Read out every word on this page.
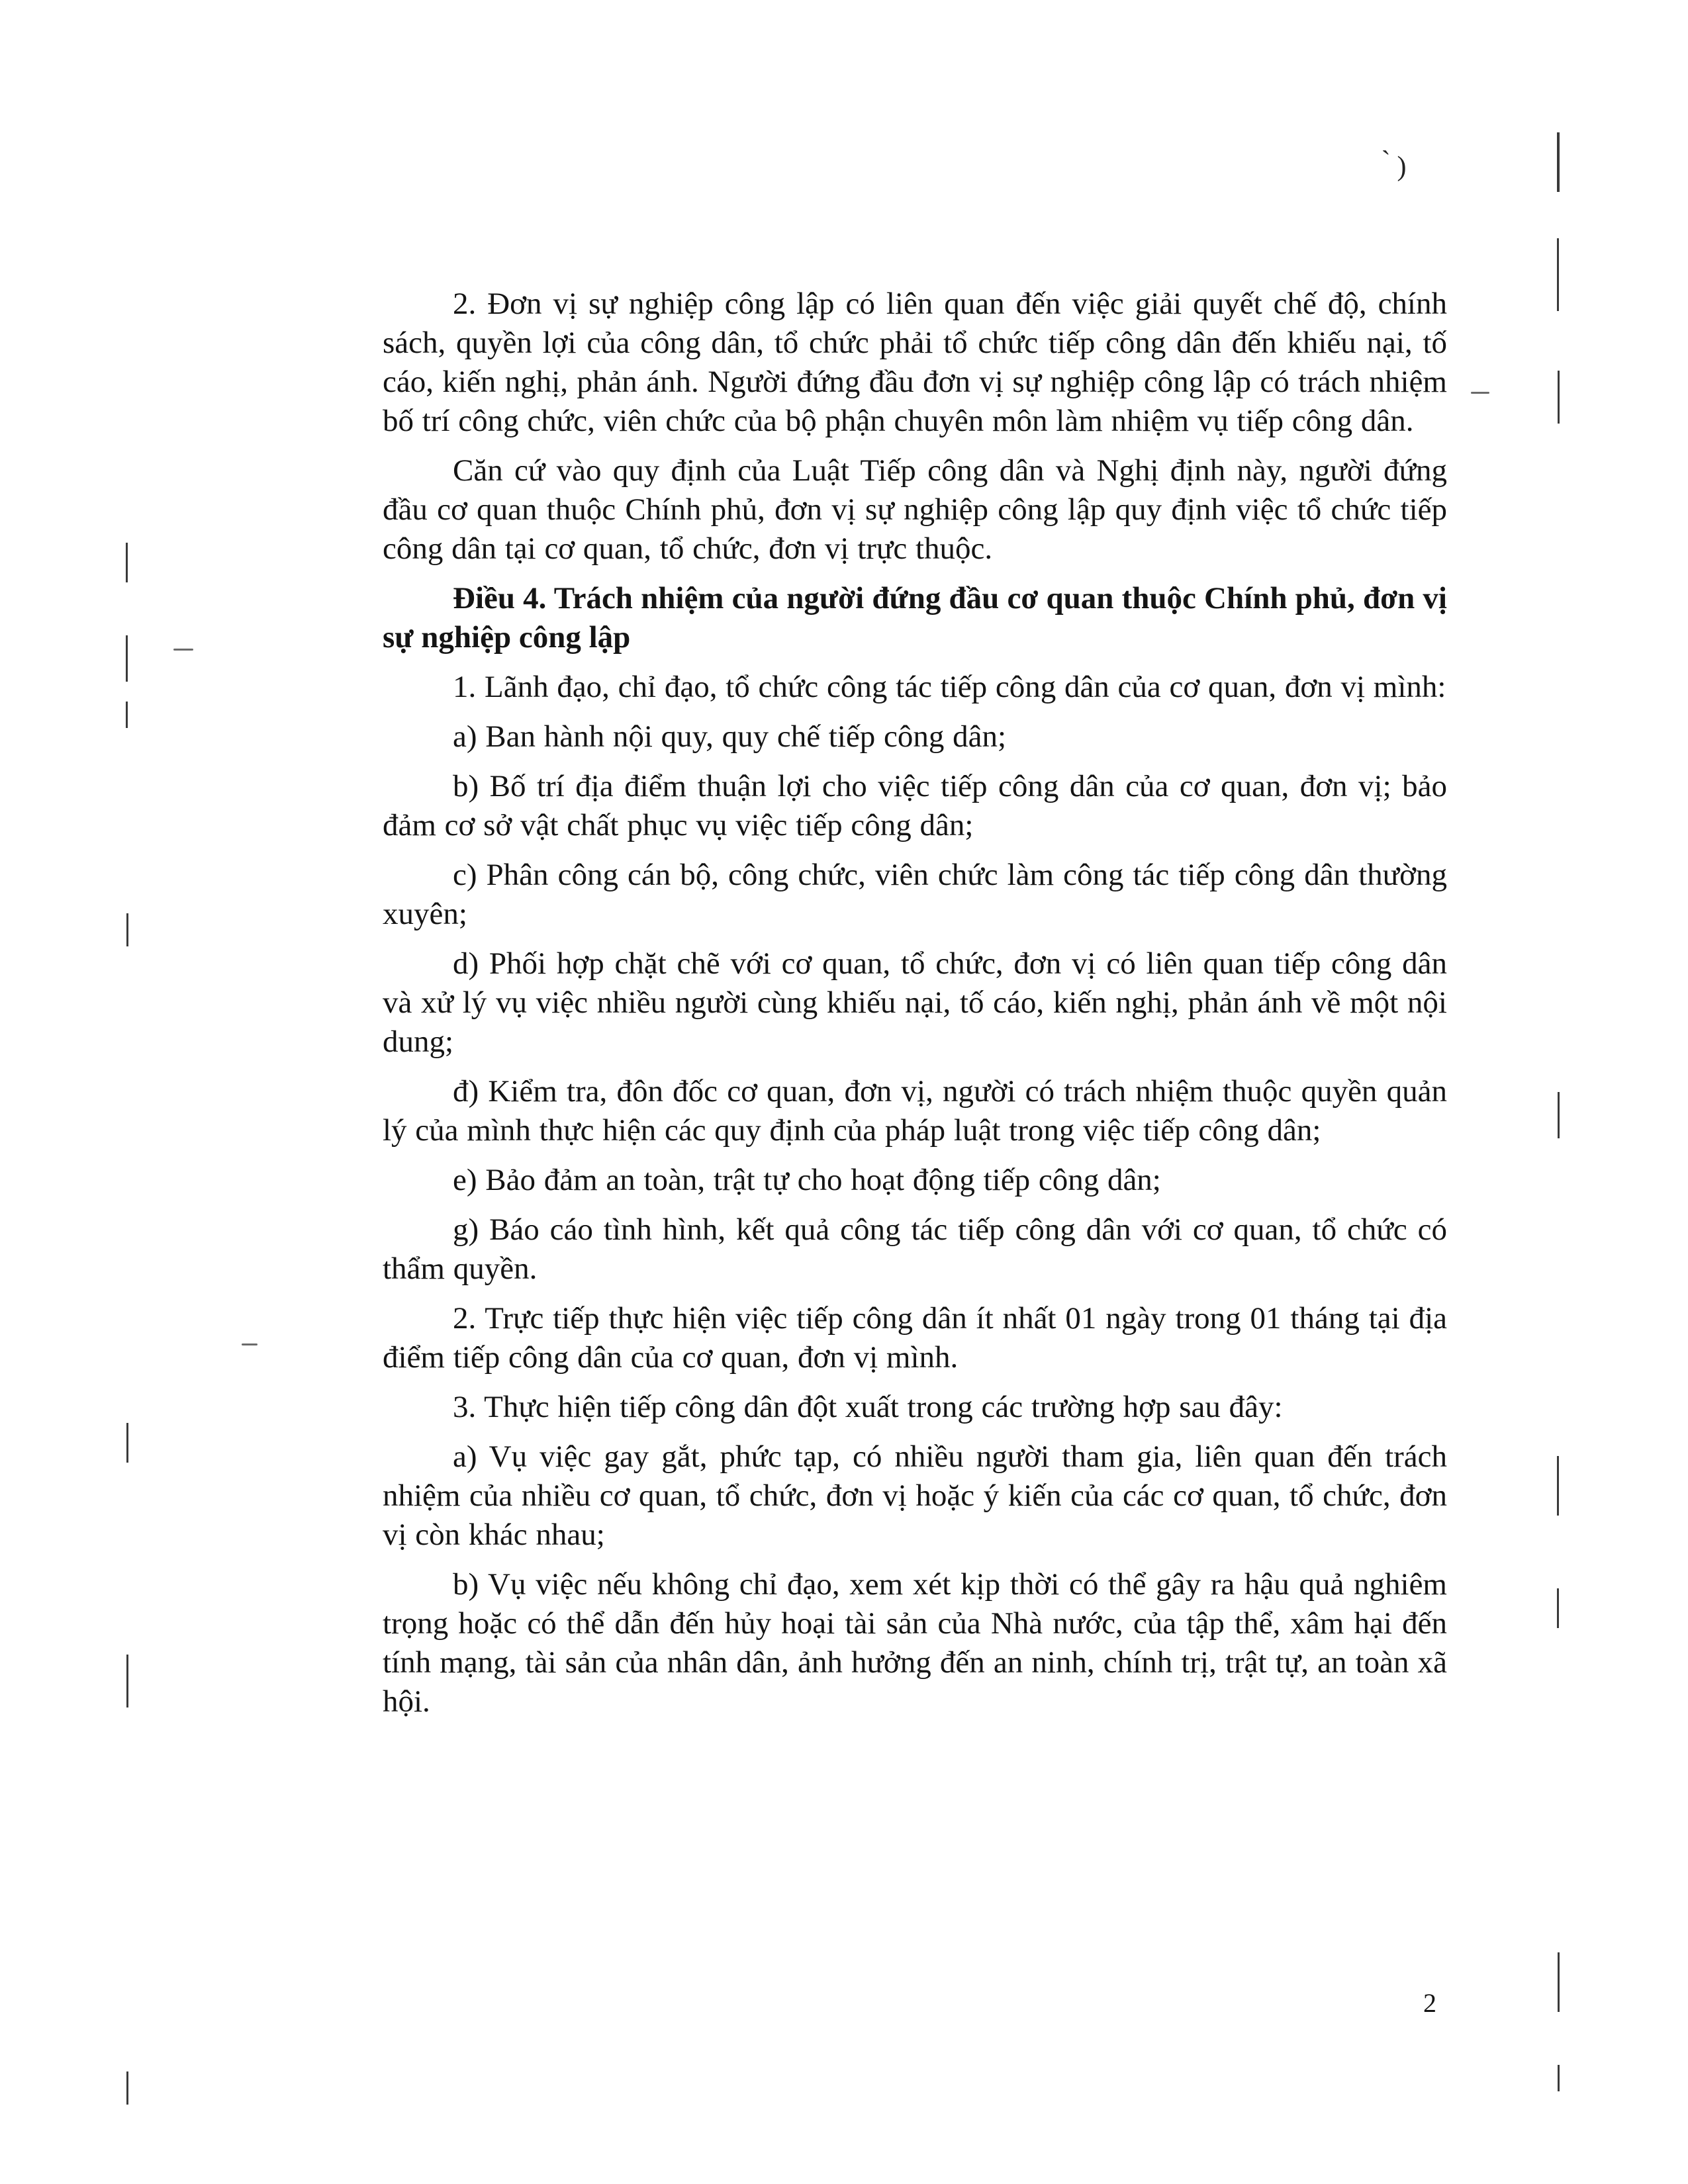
̀ )

2. Đơn vị sự nghiệp công lập có liên quan đến việc giải quyết chế độ, chính sách, quyền lợi của công dân, tổ chức phải tổ chức tiếp công dân đến khiếu nại, tố cáo, kiến nghị, phản ánh. Người đứng đầu đơn vị sự nghiệp công lập có trách nhiệm bố trí công chức, viên chức của bộ phận chuyên môn làm nhiệm vụ tiếp công dân.

Căn cứ vào quy định của Luật Tiếp công dân và Nghị định này, người đứng đầu cơ quan thuộc Chính phủ, đơn vị sự nghiệp công lập quy định việc tổ chức tiếp công dân tại cơ quan, tổ chức, đơn vị trực thuộc.

Điều 4. Trách nhiệm của người đứng đầu cơ quan thuộc Chính phủ, đơn vị sự nghiệp công lập

1. Lãnh đạo, chỉ đạo, tổ chức công tác tiếp công dân của cơ quan, đơn vị mình:

a) Ban hành nội quy, quy chế tiếp công dân;

b) Bố trí địa điểm thuận lợi cho việc tiếp công dân của cơ quan, đơn vị; bảo đảm cơ sở vật chất phục vụ việc tiếp công dân;

c) Phân công cán bộ, công chức, viên chức làm công tác tiếp công dân thường xuyên;

d) Phối hợp chặt chẽ với cơ quan, tổ chức, đơn vị có liên quan tiếp công dân và xử lý vụ việc nhiều người cùng khiếu nại, tố cáo, kiến nghị, phản ánh về một nội dung;

đ) Kiểm tra, đôn đốc cơ quan, đơn vị, người có trách nhiệm thuộc quyền quản lý của mình thực hiện các quy định của pháp luật trong việc tiếp công dân;

e) Bảo đảm an toàn, trật tự cho hoạt động tiếp công dân;

g) Báo cáo tình hình, kết quả công tác tiếp công dân với cơ quan, tổ chức có thẩm quyền.

2. Trực tiếp thực hiện việc tiếp công dân ít nhất 01 ngày trong 01 tháng tại địa điểm tiếp công dân của cơ quan, đơn vị mình.

3. Thực hiện tiếp công dân đột xuất trong các trường hợp sau đây:

a) Vụ việc gay gắt, phức tạp, có nhiều người tham gia, liên quan đến trách nhiệm của nhiều cơ quan, tổ chức, đơn vị hoặc ý kiến của các cơ quan, tổ chức, đơn vị còn khác nhau;

b) Vụ việc nếu không chỉ đạo, xem xét kịp thời có thể gây ra hậu quả nghiêm trọng hoặc có thể dẫn đến hủy hoại tài sản của Nhà nước, của tập thể, xâm hại đến tính mạng, tài sản của nhân dân, ảnh hưởng đến an ninh, chính trị, trật tự, an toàn xã hội.

2
